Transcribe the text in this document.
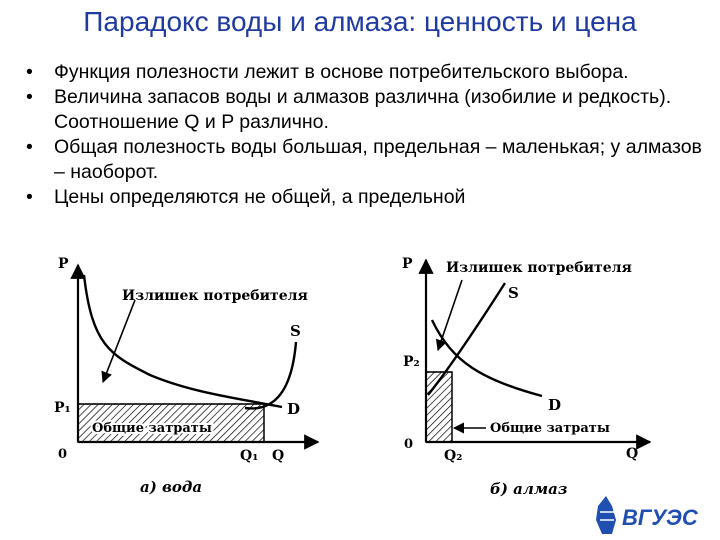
Парадокс воды и алмаза: ценность и цена
• Функция полезности лежит в основе потребительского выбора.
• Величина запасов воды и алмазов различна (изобилие и редкость). Соотношение Q и P различно.
• Общая полезность воды большая, предельная – маленькая; у алмазов – наоборот.
• Цены определяются не общей, а предельной
P
Излишек потребителя
S
D
P₁
Общие затраты
0	Q₁ Q
а) вода
P Излишек потребителя
S
P₂
D
Общие затраты
0
Q₂	Q
б) алмаз
ВГУЭС
